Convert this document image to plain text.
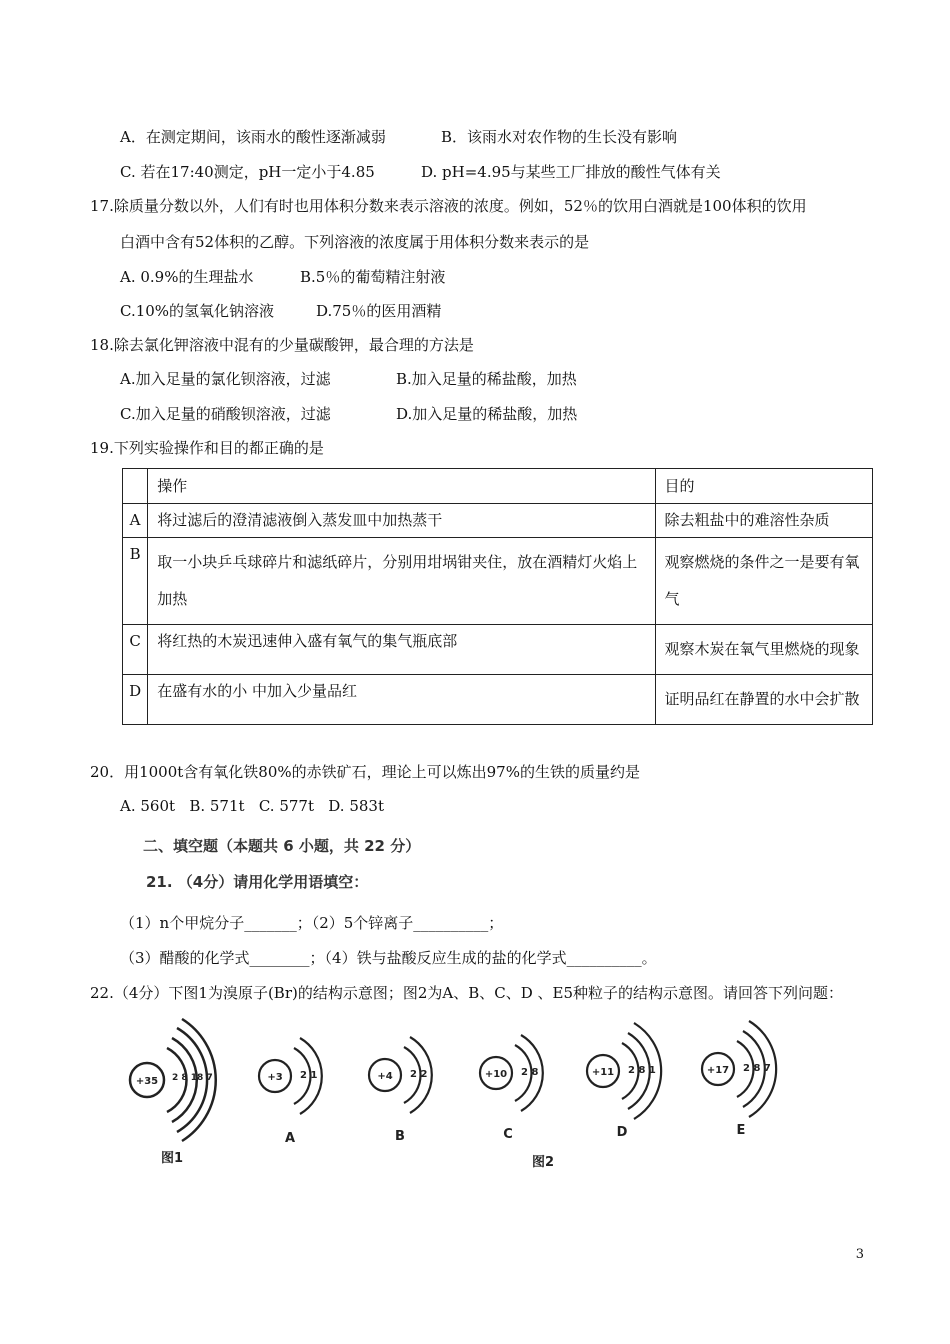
A．在测定期间，该雨水的酸性逐渐减弱	B．该雨水对农作物的生长没有影响
C. 若在17:40测定，pH一定小于4.85	D. pH=4.95与某些工厂排放的酸性气体有关
17.除质量分数以外，人们有时也用体积分数来表示溶液的浓度。例如，52％的饮用白酒就是100体积的饮用
白酒中含有52体积的乙醇。下列溶液的浓度属于用体积分数来表示的是
A. 0.9%的生理盐水	B.5％的葡萄精注射液
C.10%的氢氧化钠溶液	D.75％的医用酒精
18.除去氯化钾溶液中混有的少量碳酸钾，最合理的方法是
A.加入足量的氯化钡溶液，过滤	B.加入足量的稀盐酸，加热
C.加入足量的硝酸钡溶液，过滤	D.加入足量的稀盐酸，加热
19.下列实验操作和目的都正确的是
	操作	目的
A	将过滤后的澄清滤液倒入蒸发皿中加热蒸干	除去粗盐中的难溶性杂质
B	取一小块乒乓球碎片和滤纸碎片，分别用坩埚钳夹住，放在酒精灯火焰上加热	观察燃烧的条件之一是要有氧气
C	将红热的木炭迅速伸入盛有氧气的集气瓶底部	观察木炭在氧气里燃烧的现象
D	在盛有水的小 中加入少量品红	证明品红在静置的水中会扩散
20．用1000t含有氧化铁80%的赤铁矿石，理论上可以炼出97%的生铁的质量约是
A. 560t   B. 571t   C. 577t   D. 583t
二、填空题（本题共 6 小题，共 22 分）
21. （4分）请用化学用语填空：
（1）n个甲烷分子_______；（2）5个锌离子__________；
（3）醋酸的化学式________；（4）铁与盐酸反应生成的盐的化学式__________。
22.（4分）下图1为溴原子(Br)的结构示意图；图2为A、B、C、D 、E5种粒子的结构示意图。请回答下列问题：
+35 2 8 18 7	+3 2 1
A
+4 2 2
B
+10 2 8
C
+11 2 8 1
D
+17 2 8 7
E
图1	图2
3
